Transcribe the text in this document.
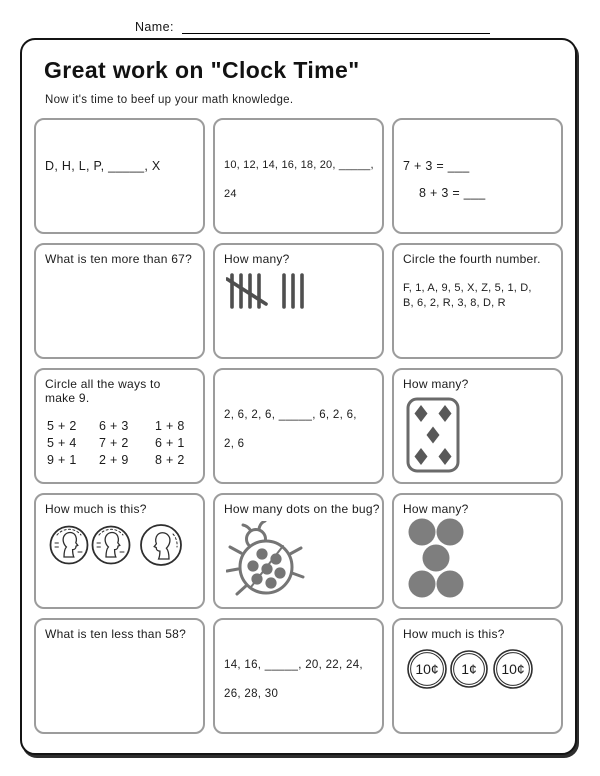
Name:
Great work on "Clock Time"
Now it's time to beef up your math knowledge.
D, H, L, P, _____, X	10, 12, 14, 16, 18, 20, _____,
24
7 + 3 = ___
8 + 3 = ___
What is ten more than 67?	How many?	Circle the fourth number.
F, 1, A, 9, 5, X, Z, 5, 1, D,
B, 6, 2, R, 3, 8, D, R
Circle all the ways to make 9.
5 + 2	6 + 3	1 + 8
5 + 4	7 + 2	6 + 1
9 + 1	2 + 9	8 + 2
2, 6, 2, 6, _____, 6, 2, 6,
2, 6
How many?
How much is this?	How many dots on the bug? How many?
What is ten less than 58?
14, 16, _____, 20, 22, 24,
26, 28, 30
How much is this?
10¢ 1¢ 10¢
